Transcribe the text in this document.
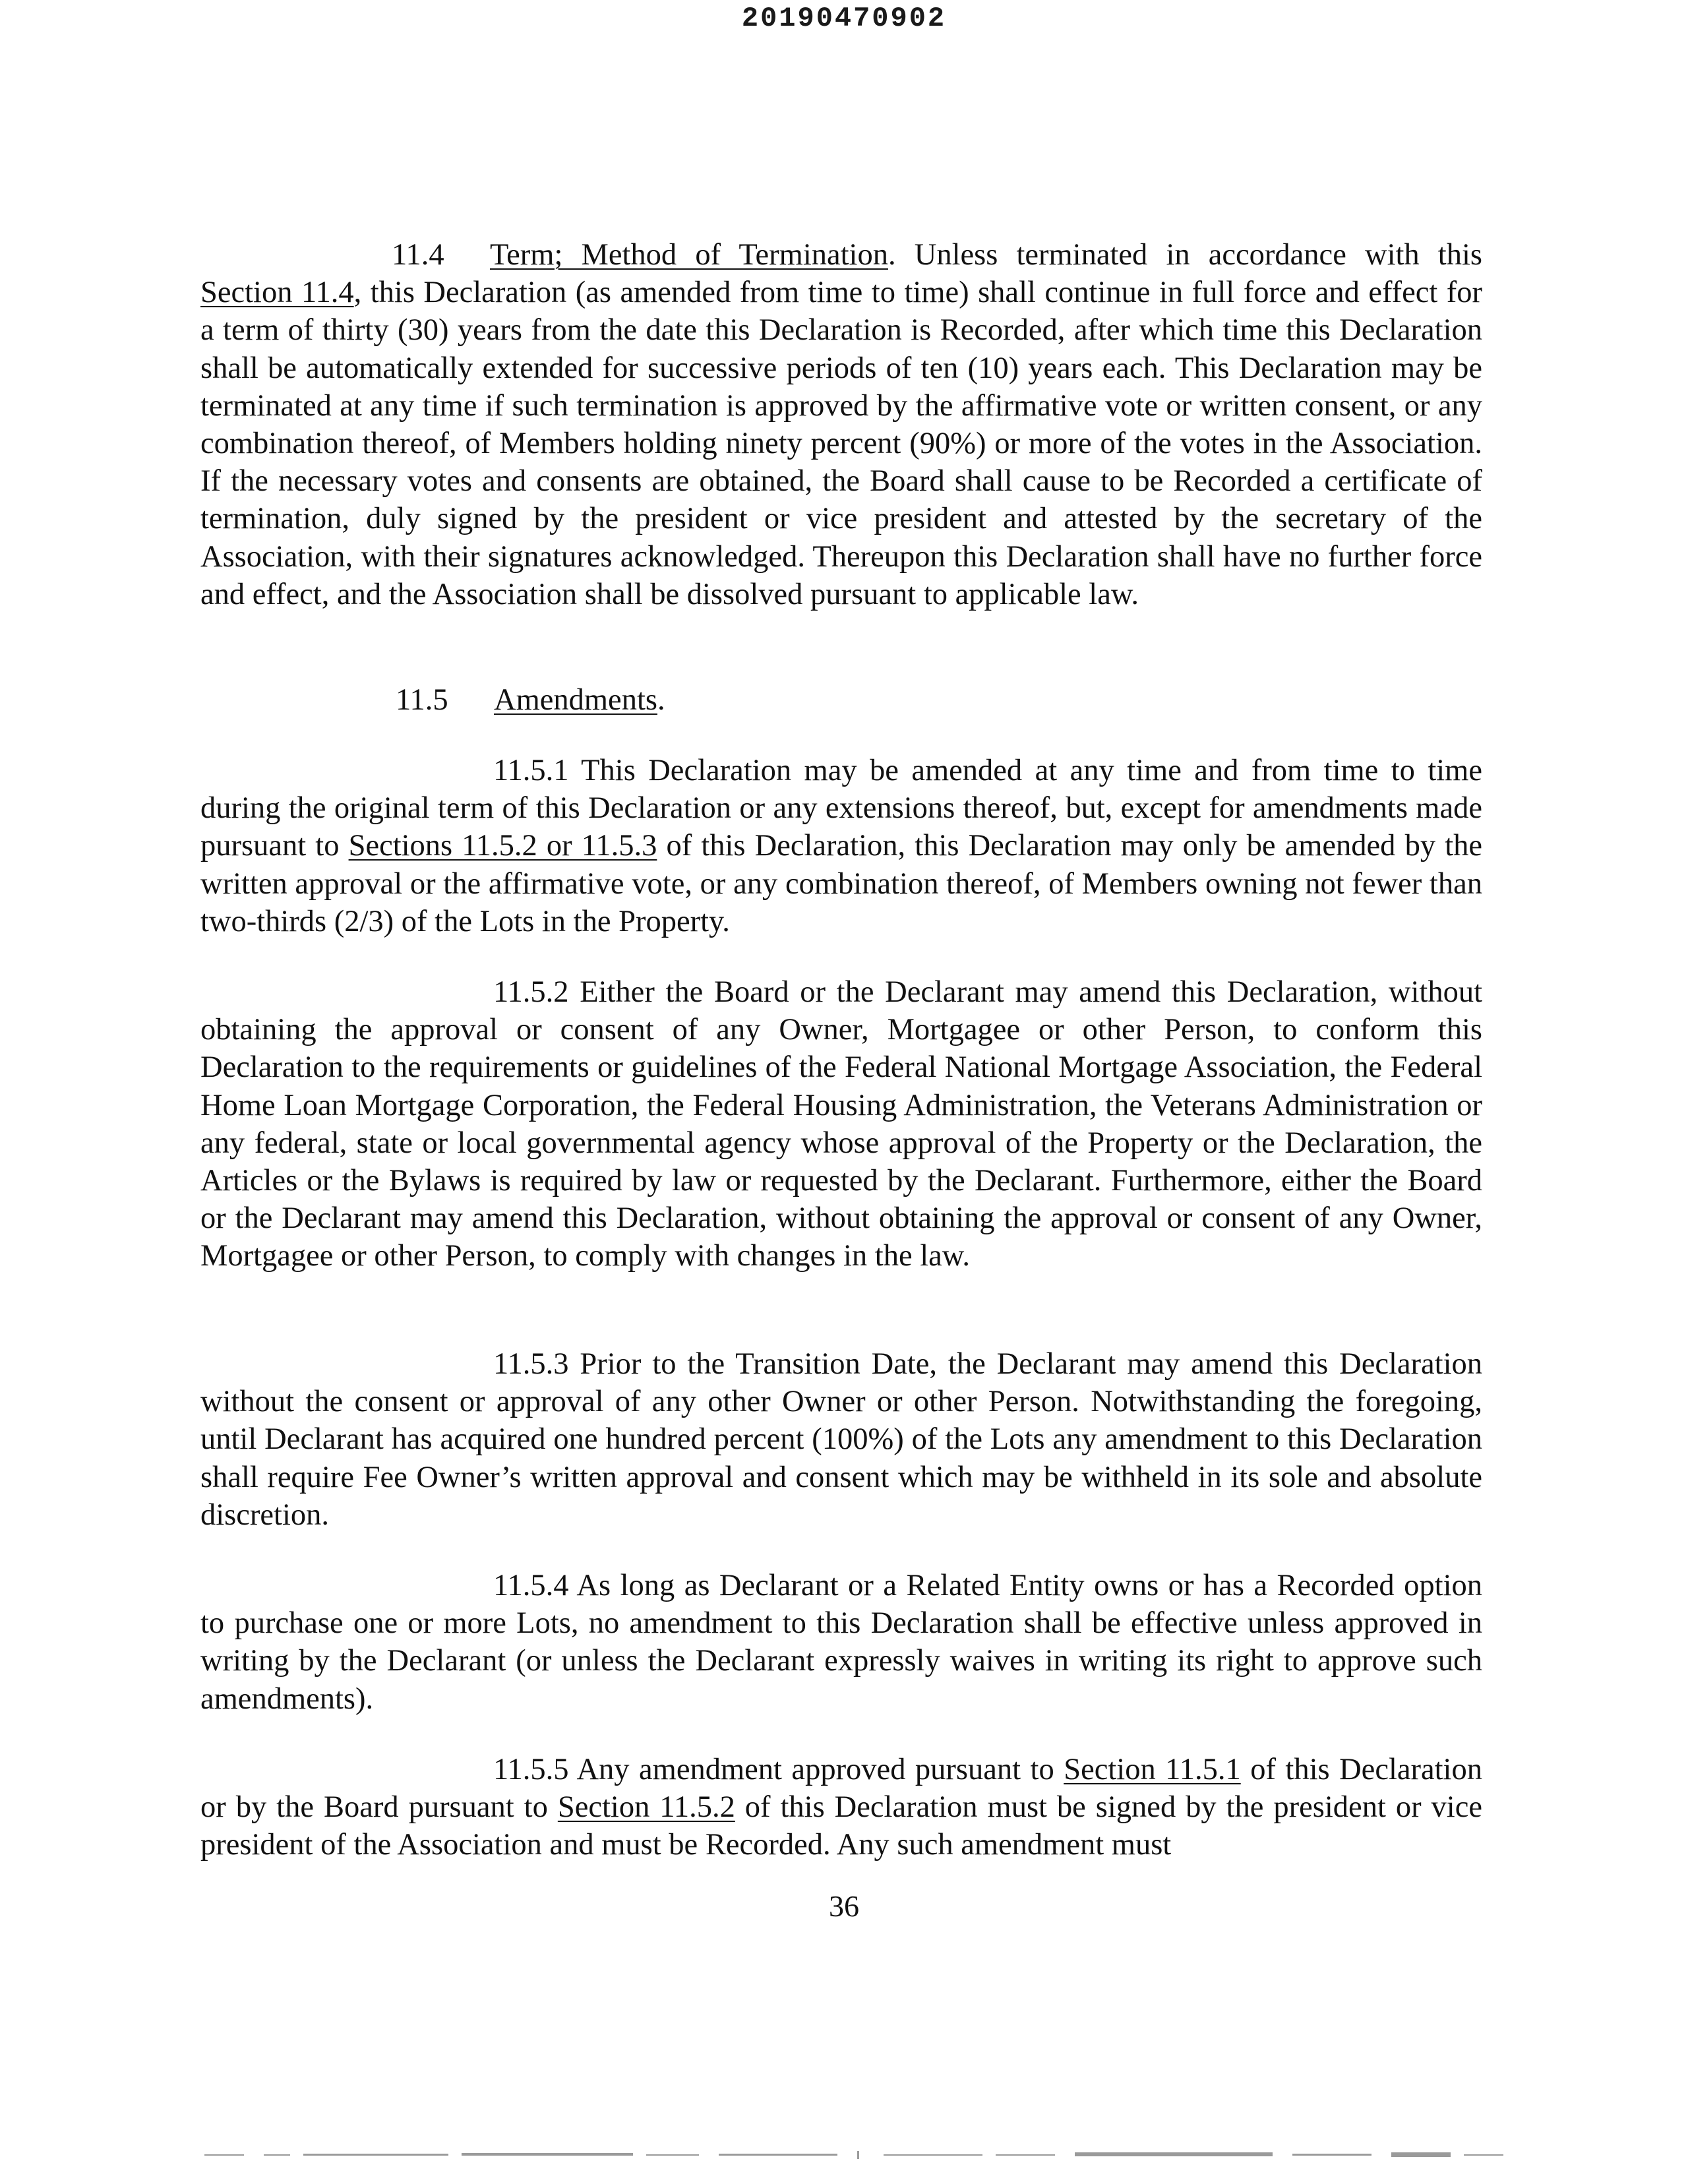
20190470902

11.4 Term; Method of Termination. Unless terminated in accordance with this Section 11.4, this Declaration (as amended from time to time) shall continue in full force and effect for a term of thirty (30) years from the date this Declaration is Recorded, after which time this Declaration shall be automatically extended for successive periods of ten (10) years each. This Declaration may be terminated at any time if such termination is approved by the affirmative vote or written consent, or any combination thereof, of Members holding ninety percent (90%) or more of the votes in the Association. If the necessary votes and consents are obtained, the Board shall cause to be Recorded a certificate of termination, duly signed by the president or vice president and attested by the secretary of the Association, with their signatures acknowledged. Thereupon this Declaration shall have no further force and effect, and the Association shall be dissolved pursuant to applicable law.

11.5 Amendments.

11.5.1 This Declaration may be amended at any time and from time to time during the original term of this Declaration or any extensions thereof, but, except for amendments made pursuant to Sections 11.5.2 or 11.5.3 of this Declaration, this Declaration may only be amended by the written approval or the affirmative vote, or any combination thereof, of Members owning not fewer than two-thirds (2/3) of the Lots in the Property.

11.5.2 Either the Board or the Declarant may amend this Declaration, without obtaining the approval or consent of any Owner, Mortgagee or other Person, to conform this Declaration to the requirements or guidelines of the Federal National Mortgage Association, the Federal Home Loan Mortgage Corporation, the Federal Housing Administration, the Veterans Administration or any federal, state or local governmental agency whose approval of the Property or the Declaration, the Articles or the Bylaws is required by law or requested by the Declarant. Furthermore, either the Board or the Declarant may amend this Declaration, without obtaining the approval or consent of any Owner, Mortgagee or other Person, to comply with changes in the law.

11.5.3 Prior to the Transition Date, the Declarant may amend this Declaration without the consent or approval of any other Owner or other Person. Notwithstanding the foregoing, until Declarant has acquired one hundred percent (100%) of the Lots any amendment to this Declaration shall require Fee Owner’s written approval and consent which may be withheld in its sole and absolute discretion.

11.5.4 As long as Declarant or a Related Entity owns or has a Recorded option to purchase one or more Lots, no amendment to this Declaration shall be effective unless approved in writing by the Declarant (or unless the Declarant expressly waives in writing its right to approve such amendments).

11.5.5 Any amendment approved pursuant to Section 11.5.1 of this Declaration or by the Board pursuant to Section 11.5.2 of this Declaration must be signed by the president or vice president of the Association and must be Recorded. Any such amendment must

36
